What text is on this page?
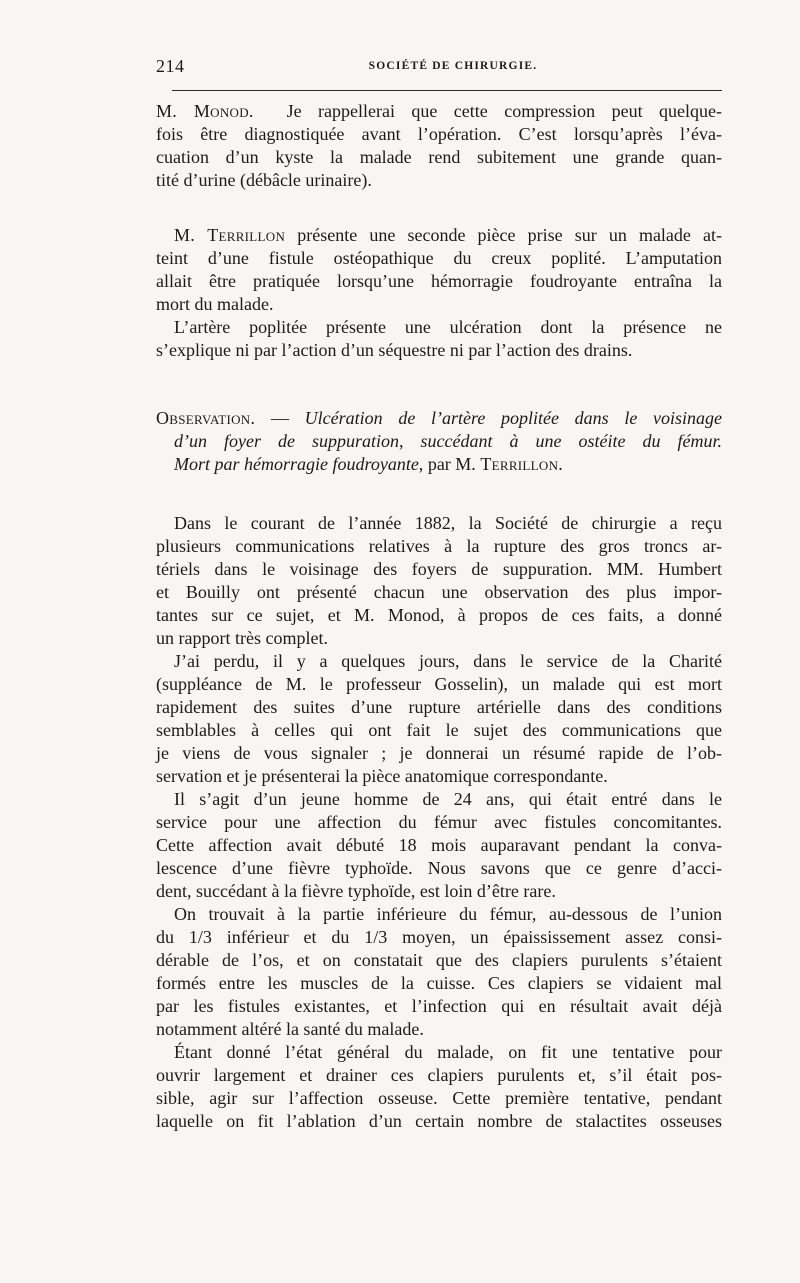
214	SOCIÉTÉ DE CHIRURGIE.
M. Monod. Je rappellerai que cette compression peut quelque-
fois être diagnostiquée avant l’opération. C’est lorsqu’après l’éva-
cuation d’un kyste la malade rend subitement une grande quan-
tité d’urine (débâcle urinaire).
M. Terrillon présente une seconde pièce prise sur un malade at-
teint d’une fistule ostéopathique du creux poplité. L’amputation
allait être pratiquée lorsqu’une hémorragie foudroyante entraîna la
mort du malade.
L’artère poplitée présente une ulcération dont la présence ne
s’explique ni par l’action d’un séquestre ni par l’action des drains.
Observation. — Ulcération de l’artère poplitée dans le voisinage
d’un foyer de suppuration, succédant à une ostéite du fémur.
Mort par hémorragie foudroyante, par M. Terrillon.
Dans le courant de l’année 1882, la Société de chirurgie a reçu
plusieurs communications relatives à la rupture des gros troncs ar-
tériels dans le voisinage des foyers de suppuration. MM. Humbert
et Bouilly ont présenté chacun une observation des plus impor-
tantes sur ce sujet, et M. Monod, à propos de ces faits, a donné
un rapport très complet.
J’ai perdu, il y a quelques jours, dans le service de la Charité
(suppléance de M. le professeur Gosselin), un malade qui est mort
rapidement des suites d’une rupture artérielle dans des conditions
semblables à celles qui ont fait le sujet des communications que
je viens de vous signaler ; je donnerai un résumé rapide de l’ob-
servation et je présenterai la pièce anatomique correspondante.
Il s’agit d’un jeune homme de 24 ans, qui était entré dans le
service pour une affection du fémur avec fistules concomitantes.
Cette affection avait débuté 18 mois auparavant pendant la conva-
lescence d’une fièvre typhoïde. Nous savons que ce genre d’acci-
dent, succédant à la fièvre typhoïde, est loin d’être rare.
On trouvait à la partie inférieure du fémur, au-dessous de l’union
du 1/3 inférieur et du 1/3 moyen, un épaississement assez consi-
dérable de l’os, et on constatait que des clapiers purulents s’étaient
formés entre les muscles de la cuisse. Ces clapiers se vidaient mal
par les fistules existantes, et l’infection qui en résultait avait déjà
notamment altéré la santé du malade.
Étant donné l’état général du malade, on fit une tentative pour
ouvrir largement et drainer ces clapiers purulents et, s’il était pos-
sible, agir sur l’affection osseuse. Cette première tentative, pendant
laquelle on fit l’ablation d’un certain nombre de stalactites osseuses
